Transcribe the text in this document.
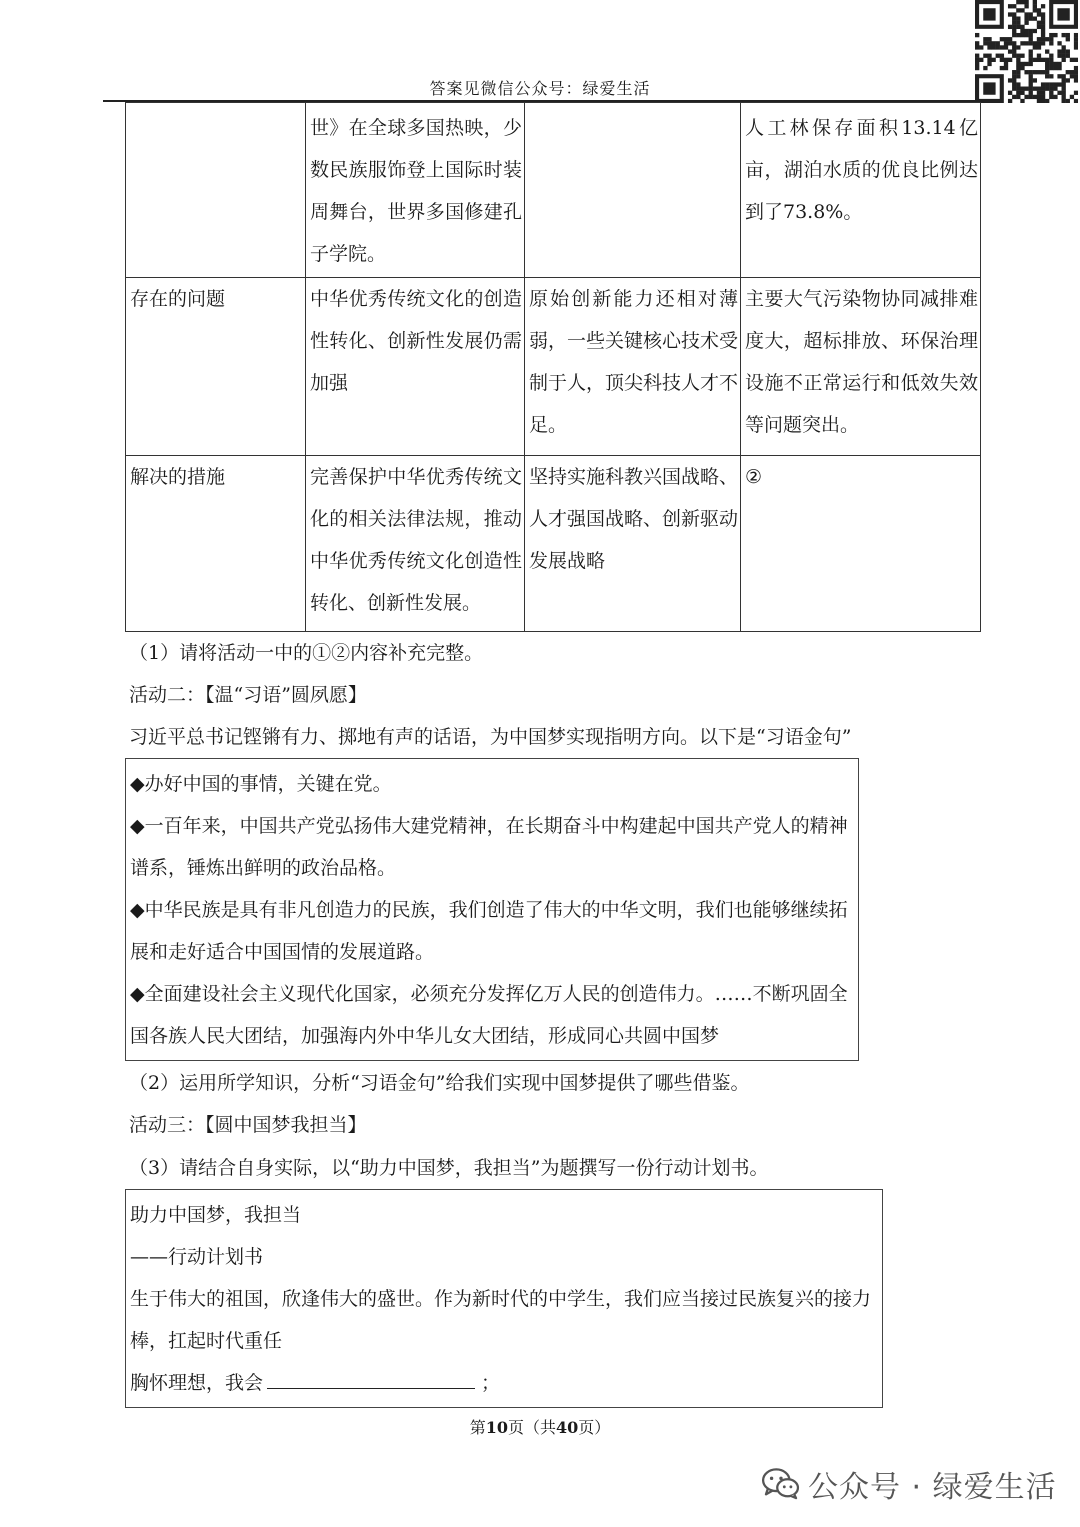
答案见微信公众号：绿爱生活
	世》在全球多国热映，少数民族服饰登上国际时装周舞台，世界多国修建孔子学院。		人工林保存面积13.14亿亩，湖泊水质的优良比例达到了73.8%。
存在的问题	中华优秀传统文化的创造性转化、创新性发展仍需加强	原始创新能力还相对薄弱，一些关键核心技术受制于人，顶尖科技人才不足。	主要大气污染物协同减排难度大，超标排放、环保治理设施不正常运行和低效失效等问题突出。
解决的措施	完善保护中华优秀传统文化的相关法律法规，推动中华优秀传统文化创造性转化、创新性发展。	坚持实施科教兴国战略、人才强国战略、创新驱动发展战略	②
（1）请将活动一中的①②内容补充完整。
活动二：【温“习语”圆夙愿】
习近平总书记铿锵有力、掷地有声的话语，为中国梦实现指明方向。以下是“习语金句”

◆办好中国的事情，关键在党。

◆一百年来，中国共产党弘扬伟大建党精神，在长期奋斗中构建起中国共产党人的精神谱系，锤炼出鲜明的政治品格。

◆中华民族是具有非凡创造力的民族，我们创造了伟大的中华文明，我们也能够继续拓展和走好适合中国国情的发展道路。

◆全面建设社会主义现代化国家，必须充分发挥亿万人民的创造伟力。……不断巩固全国各族人民大团结，加强海内外中华儿女大团结，形成同心共圆中国梦

（2）运用所学知识，分析“习语金句”给我们实现中国梦提供了哪些借鉴。
活动三：【圆中国梦我担当】
（3）请结合自身实际，以“助力中国梦，我担当”为题撰写一份行动计划书。

助力中国梦，我担当

——行动计划书

生于伟大的祖国，欣逢伟大的盛世。作为新时代的中学生，我们应当接过民族复兴的接力棒，扛起时代重任

胸怀理想，我会	；

第10页（共40页）
公众号 · 绿爱生活
